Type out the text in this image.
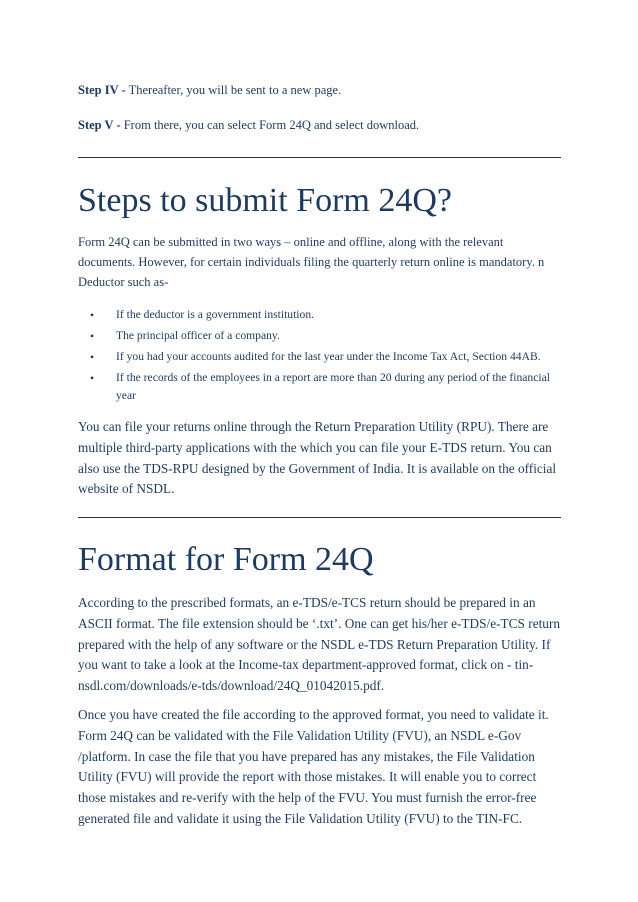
Step IV - Thereafter, you will be sent to a new page.
Step V - From there, you can select Form 24Q and select download.
Steps to submit Form 24Q?
Form 24Q can be submitted in two ways – online and offline, along with the relevant documents. However, for certain individuals filing the quarterly return online is mandatory. n Deductor such as-
• If the deductor is a government institution.
• The principal officer of a company.
• If you had your accounts audited for the last year under the Income Tax Act, Section 44AB.
• If the records of the employees in a report are more than 20 during any period of the financial year
You can file your returns online through the Return Preparation Utility (RPU). There are multiple third-party applications with the which you can file your E-TDS return. You can also use the TDS-RPU designed by the Government of India. It is available on the official website of NSDL.
Format for Form 24Q
According to the prescribed formats, an e-TDS/e-TCS return should be prepared in an ASCII format. The file extension should be ‘.txt’. One can get his/her e-TDS/e-TCS return prepared with the help of any software or the NSDL e-TDS Return Preparation Utility. If you want to take a look at the Income-tax department-approved format, click on - tin-nsdl.com/downloads/e-tds/download/24Q_01042015.pdf.
Once you have created the file according to the approved format, you need to validate it. Form 24Q can be validated with the File Validation Utility (FVU), an NSDL e-Gov /platform. In case the file that you have prepared has any mistakes, the File Validation Utility (FVU) will provide the report with those mistakes. It will enable you to correct those mistakes and re-verify with the help of the FVU. You must furnish the error-free generated file and validate it using the File Validation Utility (FVU) to the TIN-FC.
